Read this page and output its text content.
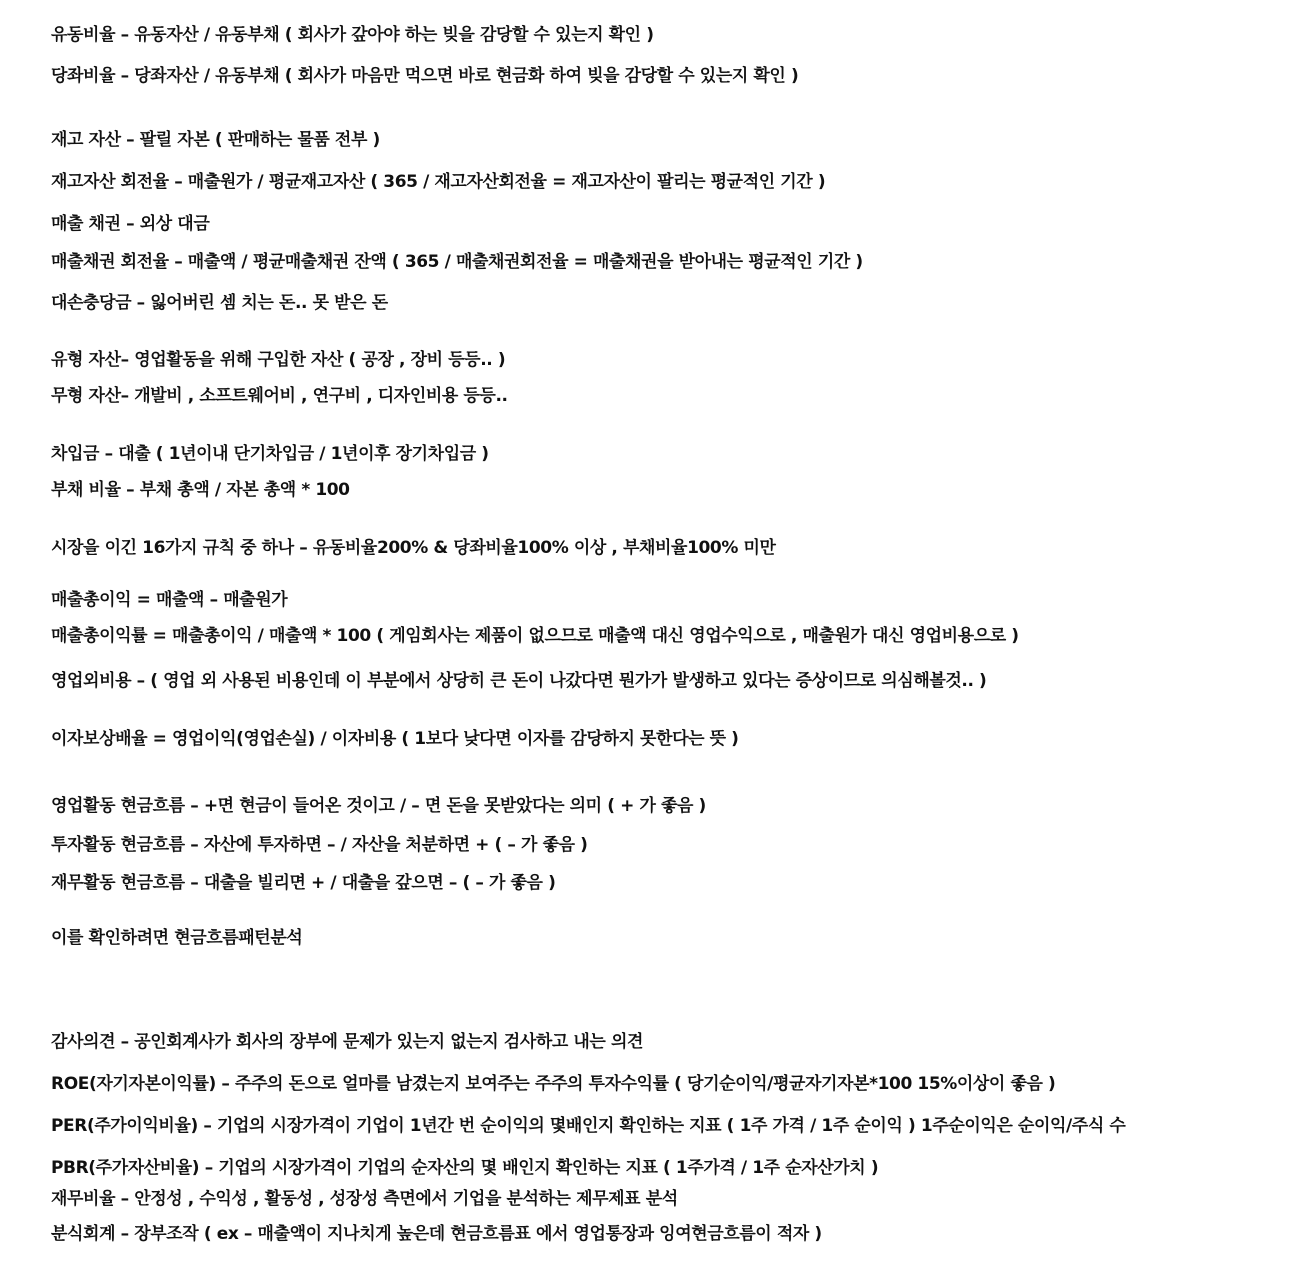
유동비율 – 유동자산 / 유동부채 ( 회사가 갚아야 하는 빚을 감당할 수 있는지 확인 )

당좌비율 – 당좌자산 / 유동부채 ( 회사가 마음만 먹으면 바로 현금화 하여 빚을 감당할 수 있는지 확인 )

재고 자산 – 팔릴 자본 ( 판매하는 물품 전부 )

재고자산 회전율 – 매출원가 / 평균재고자산 ( 365 / 재고자산회전율 = 재고자산이 팔리는 평균적인 기간 )

매출 채권 – 외상 대금

매출채권 회전율 – 매출액 / 평균매출채권 잔액 ( 365 / 매출채권회전율 = 매출채권을 받아내는 평균적인 기간 )

대손충당금 – 잃어버린 셈 치는 돈.. 못 받은 돈

유형 자산– 영업활동을 위해 구입한 자산 ( 공장 , 장비 등등.. )

무형 자산– 개발비 , 소프트웨어비 , 연구비 , 디자인비용 등등..

차입금 – 대출 ( 1년이내 단기차입금 / 1년이후 장기차입금 )

부채 비율 – 부채 총액 / 자본 총액 * 100

시장을 이긴 16가지 규칙 중 하나 – 유동비율200% & 당좌비율100% 이상 , 부채비율100% 미만

매출총이익 = 매출액 – 매출원가

매출총이익률 = 매출총이익 / 매출액 * 100 ( 게임회사는 제품이 없으므로 매출액 대신 영업수익으로 , 매출원가 대신 영업비용으로 )

영업외비용 – ( 영업 외 사용된 비용인데 이 부분에서 상당히 큰 돈이 나갔다면 뭔가가 발생하고 있다는 증상이므로 의심해볼것.. )

이자보상배율 = 영업이익(영업손실) / 이자비용 ( 1보다 낮다면 이자를 감당하지 못한다는 뜻 )

영업활동 현금흐름 – +면 현금이 들어온 것이고 / – 면 돈을 못받았다는 의미 ( + 가 좋음 )

투자활동 현금흐름 – 자산에 투자하면 – / 자산을 처분하면 + ( – 가 좋음 )

재무활동 현금흐름 – 대출을 빌리면 + / 대출을 갚으면 – ( – 가 좋음 )

이를 확인하려면 현금흐름패턴분석

감사의견 – 공인회계사가 회사의 장부에 문제가 있는지 없는지 검사하고 내는 의견

ROE(자기자본이익률) – 주주의 돈으로 얼마를 남겼는지 보여주는 주주의 투자수익률 ( 당기순이익/평균자기자본*100 15%이상이 좋음 )

PER(주가이익비율) – 기업의 시장가격이 기업이 1년간 번 순이익의 몇배인지 확인하는 지표 ( 1주 가격 / 1주 순이익 ) 1주순이익은 순이익/주식 수

PBR(주가자산비율) – 기업의 시장가격이 기업의 순자산의 몇 배인지 확인하는 지표 ( 1주가격 / 1주 순자산가치 )

재무비율 – 안정성 , 수익성 , 활동성 , 성장성 측면에서 기업을 분석하는 제무제표 분석

분식회계 – 장부조작 ( ex – 매출액이 지나치게 높은데 현금흐름표 에서 영업통장과 잉여현금흐름이 적자 )
